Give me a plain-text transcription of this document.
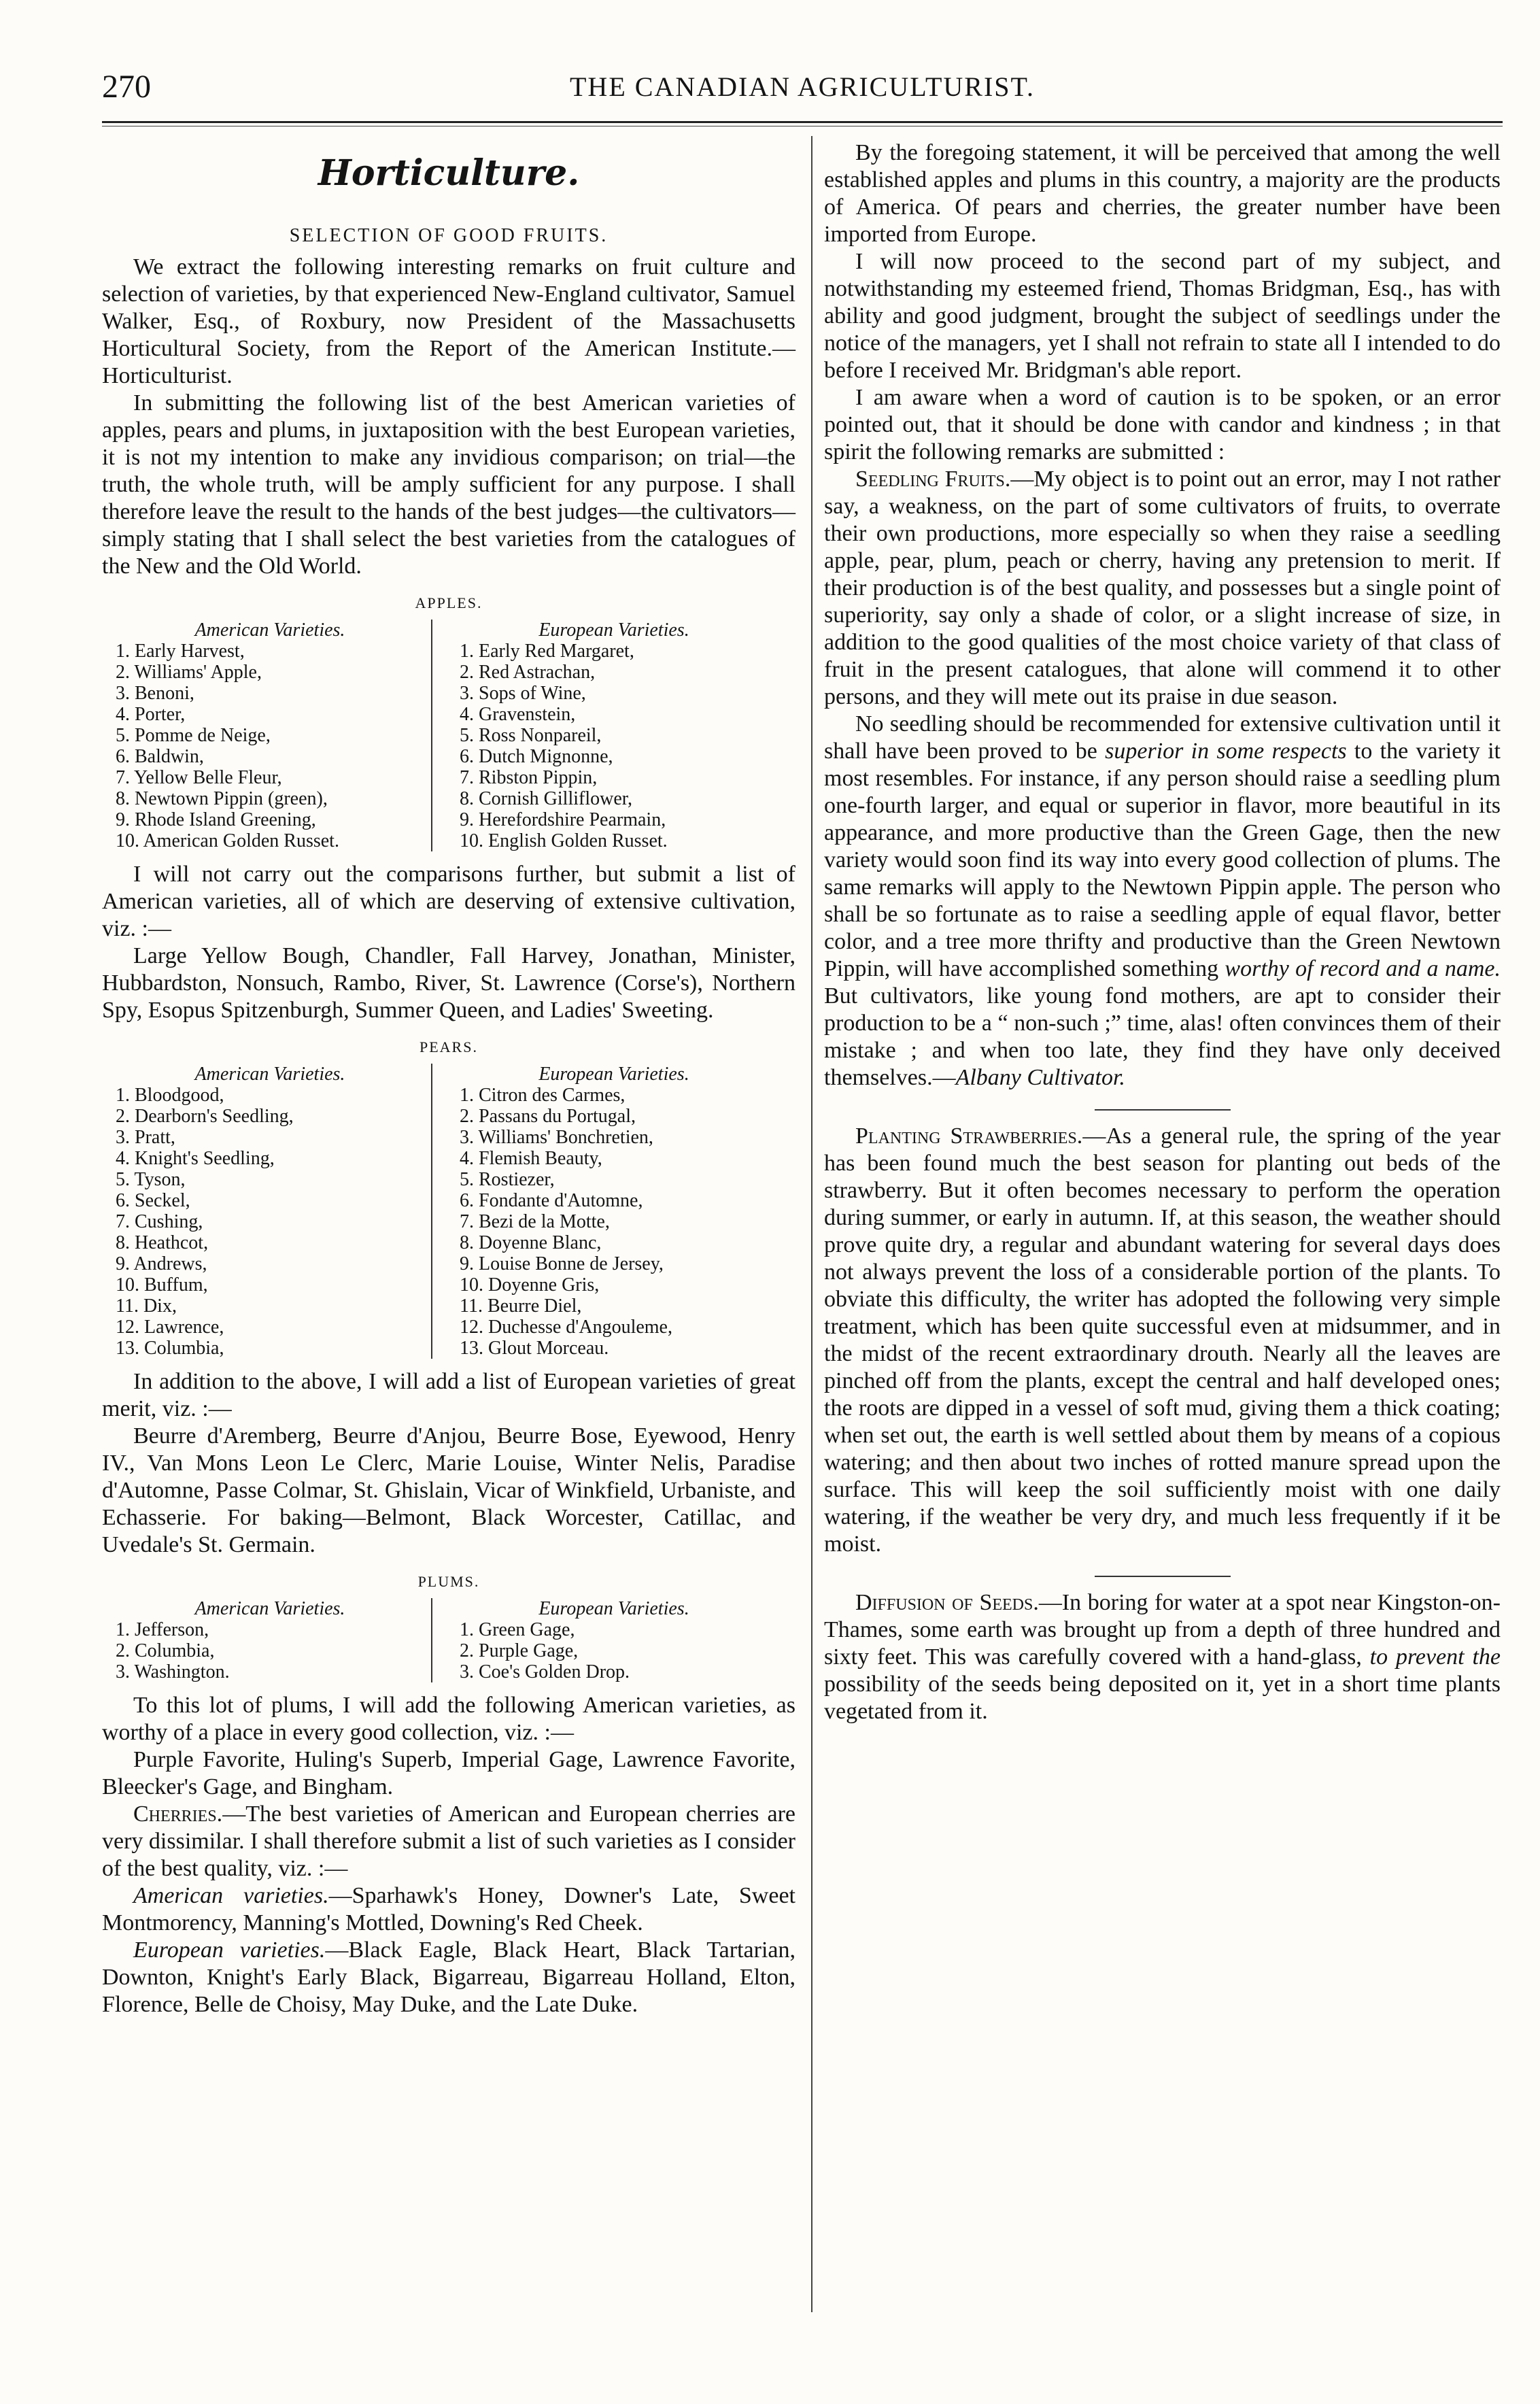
270	THE CANADIAN AGRICULTURIST.
Horticulture.
SELECTION OF GOOD FRUITS.

We extract the following interesting remarks on fruit culture and selection of varieties, by that experienced New-England cultivator, Samuel Walker, Esq., of Roxbury, now President of the Massachusetts Horticultural Society, from the Report of the American Institute.—Horticulturist.

In submitting the following list of the best American varieties of apples, pears and plums, in juxtaposition with the best European varieties, it is not my intention to make any invidious comparison; on trial—the truth, the whole truth, will be amply sufficient for any purpose. I shall therefore leave the result to the hands of the best judges—the cultivators—simply stating that I shall select the best varieties from the catalogues of the New and the Old World.

APPLES.
American Varieties.
1. Early Harvest,
2. Williams' Apple,
3. Benoni,
4. Porter,
5. Pomme de Neige,
6. Baldwin,
7. Yellow Belle Fleur,
8. Newtown Pippin (green),
9. Rhode Island Greening,
10. American Golden Russet.
European Varieties.
1. Early Red Margaret,
2. Red Astrachan,
3. Sops of Wine,
4. Gravenstein,
5. Ross Nonpareil,
6. Dutch Mignonne,
7. Ribston Pippin,
8. Cornish Gilliflower,
9. Herefordshire Pearmain,
10. English Golden Russet.

I will not carry out the comparisons further, but submit a list of American varieties, all of which are deserving of extensive cultivation, viz. :—

Large Yellow Bough, Chandler, Fall Harvey, Jonathan, Minister, Hubbardston, Nonsuch, Rambo, River, St. Lawrence (Corse's), Northern Spy, Esopus Spitzenburgh, Summer Queen, and Ladies' Sweeting.

PEARS.
American Varieties.
1. Bloodgood,
2. Dearborn's Seedling,
3. Pratt,
4. Knight's Seedling,
5. Tyson,
6. Seckel,
7. Cushing,
8. Heathcot,
9. Andrews,
10. Buffum,
11. Dix,
12. Lawrence,
13. Columbia,
European Varieties.
1. Citron des Carmes,
2. Passans du Portugal,
3. Williams' Bonchretien,
4. Flemish Beauty,
5. Rostiezer,
6. Fondante d'Automne,
7. Bezi de la Motte,
8. Doyenne Blanc,
9. Louise Bonne de Jersey,
10. Doyenne Gris,
11. Beurre Diel,
12. Duchesse d'Angouleme,
13. Glout Morceau.

In addition to the above, I will add a list of European varieties of great merit, viz. :—

Beurre d'Aremberg, Beurre d'Anjou, Beurre Bose, Eyewood, Henry IV., Van Mons Leon Le Clerc, Marie Louise, Winter Nelis, Paradise d'Automne, Passe Colmar, St. Ghislain, Vicar of Winkfield, Urbaniste, and Echasserie. For baking—Belmont, Black Worcester, Catillac, and Uvedale's St. Germain.

PLUMS.
American Varieties.
1. Jefferson,
2. Columbia,
3. Washington.
European Varieties.
1. Green Gage,
2. Purple Gage,
3. Coe's Golden Drop.

To this lot of plums, I will add the following American varieties, as worthy of a place in every good collection, viz. :—

Purple Favorite, Huling's Superb, Imperial Gage, Lawrence Favorite, Bleecker's Gage, and Bingham.

Cherries.—The best varieties of American and European cherries are very dissimilar. I shall therefore submit a list of such varieties as I consider of the best quality, viz. :—

American varieties.—Sparhawk's Honey, Downer's Late, Sweet Montmorency, Manning's Mottled, Downing's Red Cheek.

European varieties.—Black Eagle, Black Heart, Black Tartarian, Downton, Knight's Early Black, Bigarreau, Bigarreau Holland, Elton, Florence, Belle de Choisy, May Duke, and the Late Duke.

By the foregoing statement, it will be perceived that among the well established apples and plums in this country, a majority are the products of America. Of pears and cherries, the greater number have been imported from Europe.

I will now proceed to the second part of my subject, and notwithstanding my esteemed friend, Thomas Bridgman, Esq., has with ability and good judgment, brought the subject of seedlings under the notice of the managers, yet I shall not refrain to state all I intended to do before I received Mr. Bridgman's able report.

I am aware when a word of caution is to be spoken, or an error pointed out, that it should be done with candor and kindness ; in that spirit the following remarks are submitted :

Seedling Fruits.—My object is to point out an error, may I not rather say, a weakness, on the part of some cultivators of fruits, to overrate their own productions, more especially so when they raise a seedling apple, pear, plum, peach or cherry, having any pretension to merit. If their production is of the best quality, and possesses but a single point of superiority, say only a shade of color, or a slight increase of size, in addition to the good qualities of the most choice variety of that class of fruit in the present catalogues, that alone will commend it to other persons, and they will mete out its praise in due season.

No seedling should be recommended for extensive cultivation until it shall have been proved to be superior in some respects to the variety it most resembles. For instance, if any person should raise a seedling plum one-fourth larger, and equal or superior in flavor, more beautiful in its appearance, and more productive than the Green Gage, then the new variety would soon find its way into every good collection of plums. The same remarks will apply to the Newtown Pippin apple. The person who shall be so fortunate as to raise a seedling apple of equal flavor, better color, and a tree more thrifty and productive than the Green Newtown Pippin, will have accomplished something worthy of record and a name. But cultivators, like young fond mothers, are apt to consider their production to be a “ non-such ;” time, alas! often convinces them of their mistake ; and when too late, they find they have only deceived themselves.—Albany Cultivator.

Planting Strawberries.—As a general rule, the spring of the year has been found much the best season for planting out beds of the strawberry. But it often becomes necessary to perform the operation during summer, or early in autumn. If, at this season, the weather should prove quite dry, a regular and abundant watering for several days does not always prevent the loss of a considerable portion of the plants. To obviate this difficulty, the writer has adopted the following very simple treatment, which has been quite successful even at midsummer, and in the midst of the recent extraordinary drouth. Nearly all the leaves are pinched off from the plants, except the central and half developed ones; the roots are dipped in a vessel of soft mud, giving them a thick coating; when set out, the earth is well settled about them by means of a copious watering; and then about two inches of rotted manure spread upon the surface. This will keep the soil sufficiently moist with one daily watering, if the weather be very dry, and much less frequently if it be moist.

Diffusion of Seeds.—In boring for water at a spot near Kingston-on-Thames, some earth was brought up from a depth of three hundred and sixty feet. This was carefully covered with a hand-glass, to prevent the possibility of the seeds being deposited on it, yet in a short time plants vegetated from it.
